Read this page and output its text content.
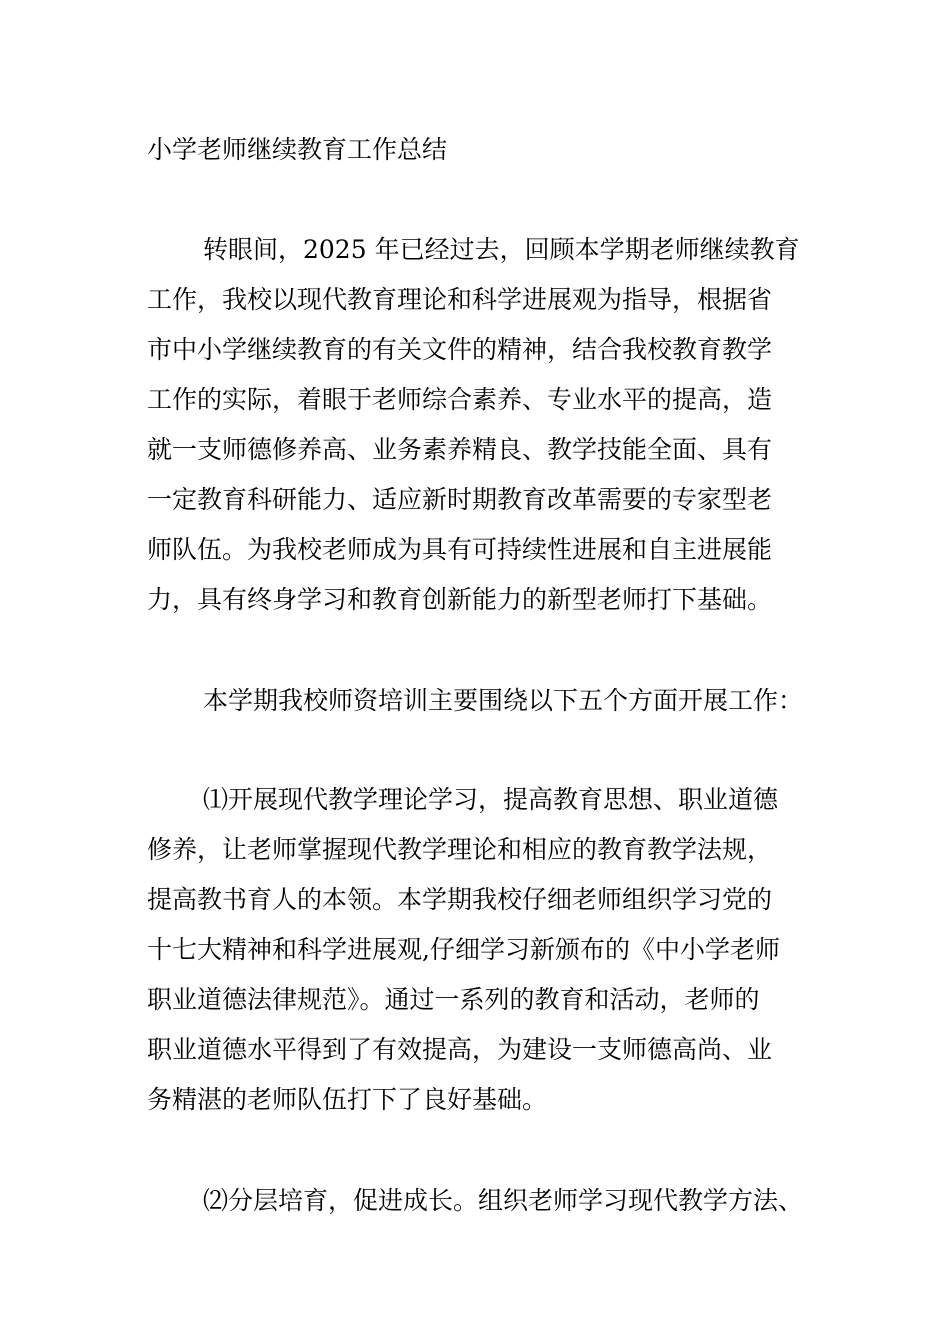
小学老师继续教育工作总结
转眼间，2025 年已经过去，回顾本学期老师继续教育
工作，我校以现代教育理论和科学进展观为指导，根据省
市中小学继续教育的有关文件的精神，结合我校教育教学
工作的实际，着眼于老师综合素养、专业水平的提高，造
就一支师德修养高、业务素养精良、教学技能全面、具有
一定教育科研能力、适应新时期教育改革需要的专家型老
师队伍。为我校老师成为具有可持续性进展和自主进展能
力，具有终身学习和教育创新能力的新型老师打下基础。
本学期我校师资培训主要围绕以下五个方面开展工作：
⑴开展现代教学理论学习，提高教育思想、职业道德
修养，让老师掌握现代教学理论和相应的教育教学法规，
提高教书育人的本领。本学期我校仔细老师组织学习党的
十七大精神和科学进展观,仔细学习新颁布的《中小学老师
职业道德法律规范》。通过一系列的教育和活动，老师的
职业道德水平得到了有效提高，为建设一支师德高尚、业
务精湛的老师队伍打下了良好基础。
⑵分层培育，促进成长。组织老师学习现代教学方法、
